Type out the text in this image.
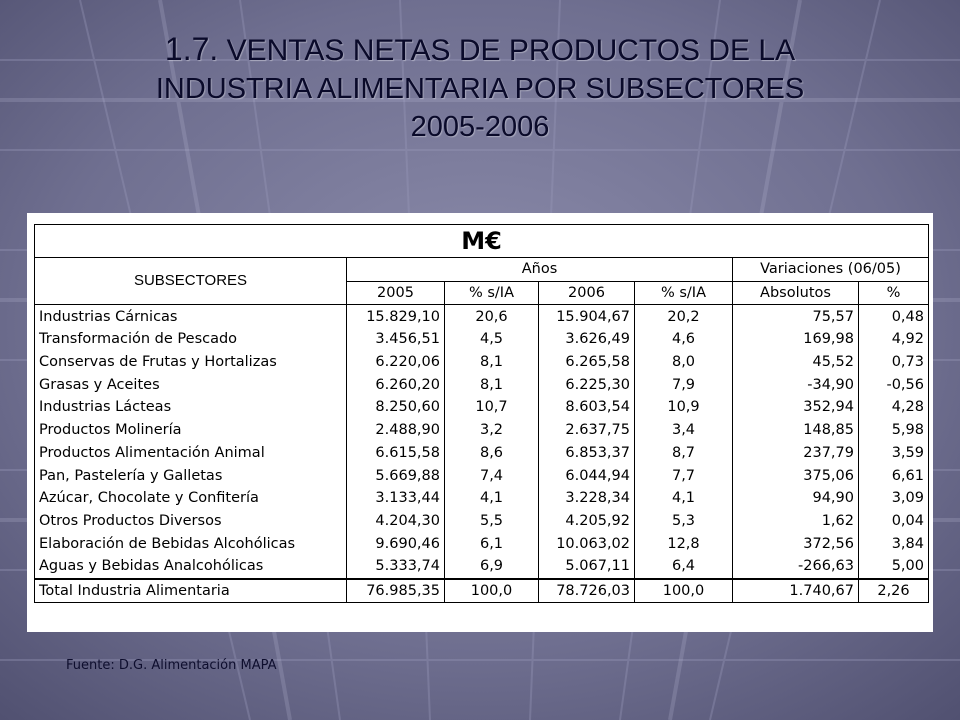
1.7. VENTAS NETAS DE PRODUCTOS DE LA
INDUSTRIA ALIMENTARIA POR SUBSECTORES
2005-2006
M€						
SUBSECTORES	Años				Variaciones (06/05)	
	2005	% s/IA	2006	% s/IA	Absolutos	%
Industrias Cárnicas	15.829,10	20,6	15.904,67	20,2	75,57	0,48
Transformación de Pescado	3.456,51	4,5	3.626,49	4,6	169,98	4,92
Conservas de Frutas y Hortalizas	6.220,06	8,1	6.265,58	8,0	45,52	0,73
Grasas y Aceites	6.260,20	8,1	6.225,30	7,9	-34,90	-0,56
Industrias Lácteas	8.250,60	10,7	8.603,54	10,9	352,94	4,28
Productos Molinería	2.488,90	3,2	2.637,75	3,4	148,85	5,98
Productos Alimentación Animal	6.615,58	8,6	6.853,37	8,7	237,79	3,59
Pan, Pastelería y Galletas	5.669,88	7,4	6.044,94	7,7	375,06	6,61
Azúcar, Chocolate y Confitería	3.133,44	4,1	3.228,34	4,1	94,90	3,09
Otros Productos Diversos	4.204,30	5,5	4.205,92	5,3	1,62	0,04
Elaboración de Bebidas Alcohólicas	9.690,46	6,1	10.063,02	12,8	372,56	3,84
Aguas y Bebidas Analcohólicas	5.333,74	6,9	5.067,11	6,4	-266,63	5,00
Total Industria Alimentaria	76.985,35	100,0	78.726,03	100,0	1.740,67	2,26
Fuente: D.G. Alimentación MAPA
